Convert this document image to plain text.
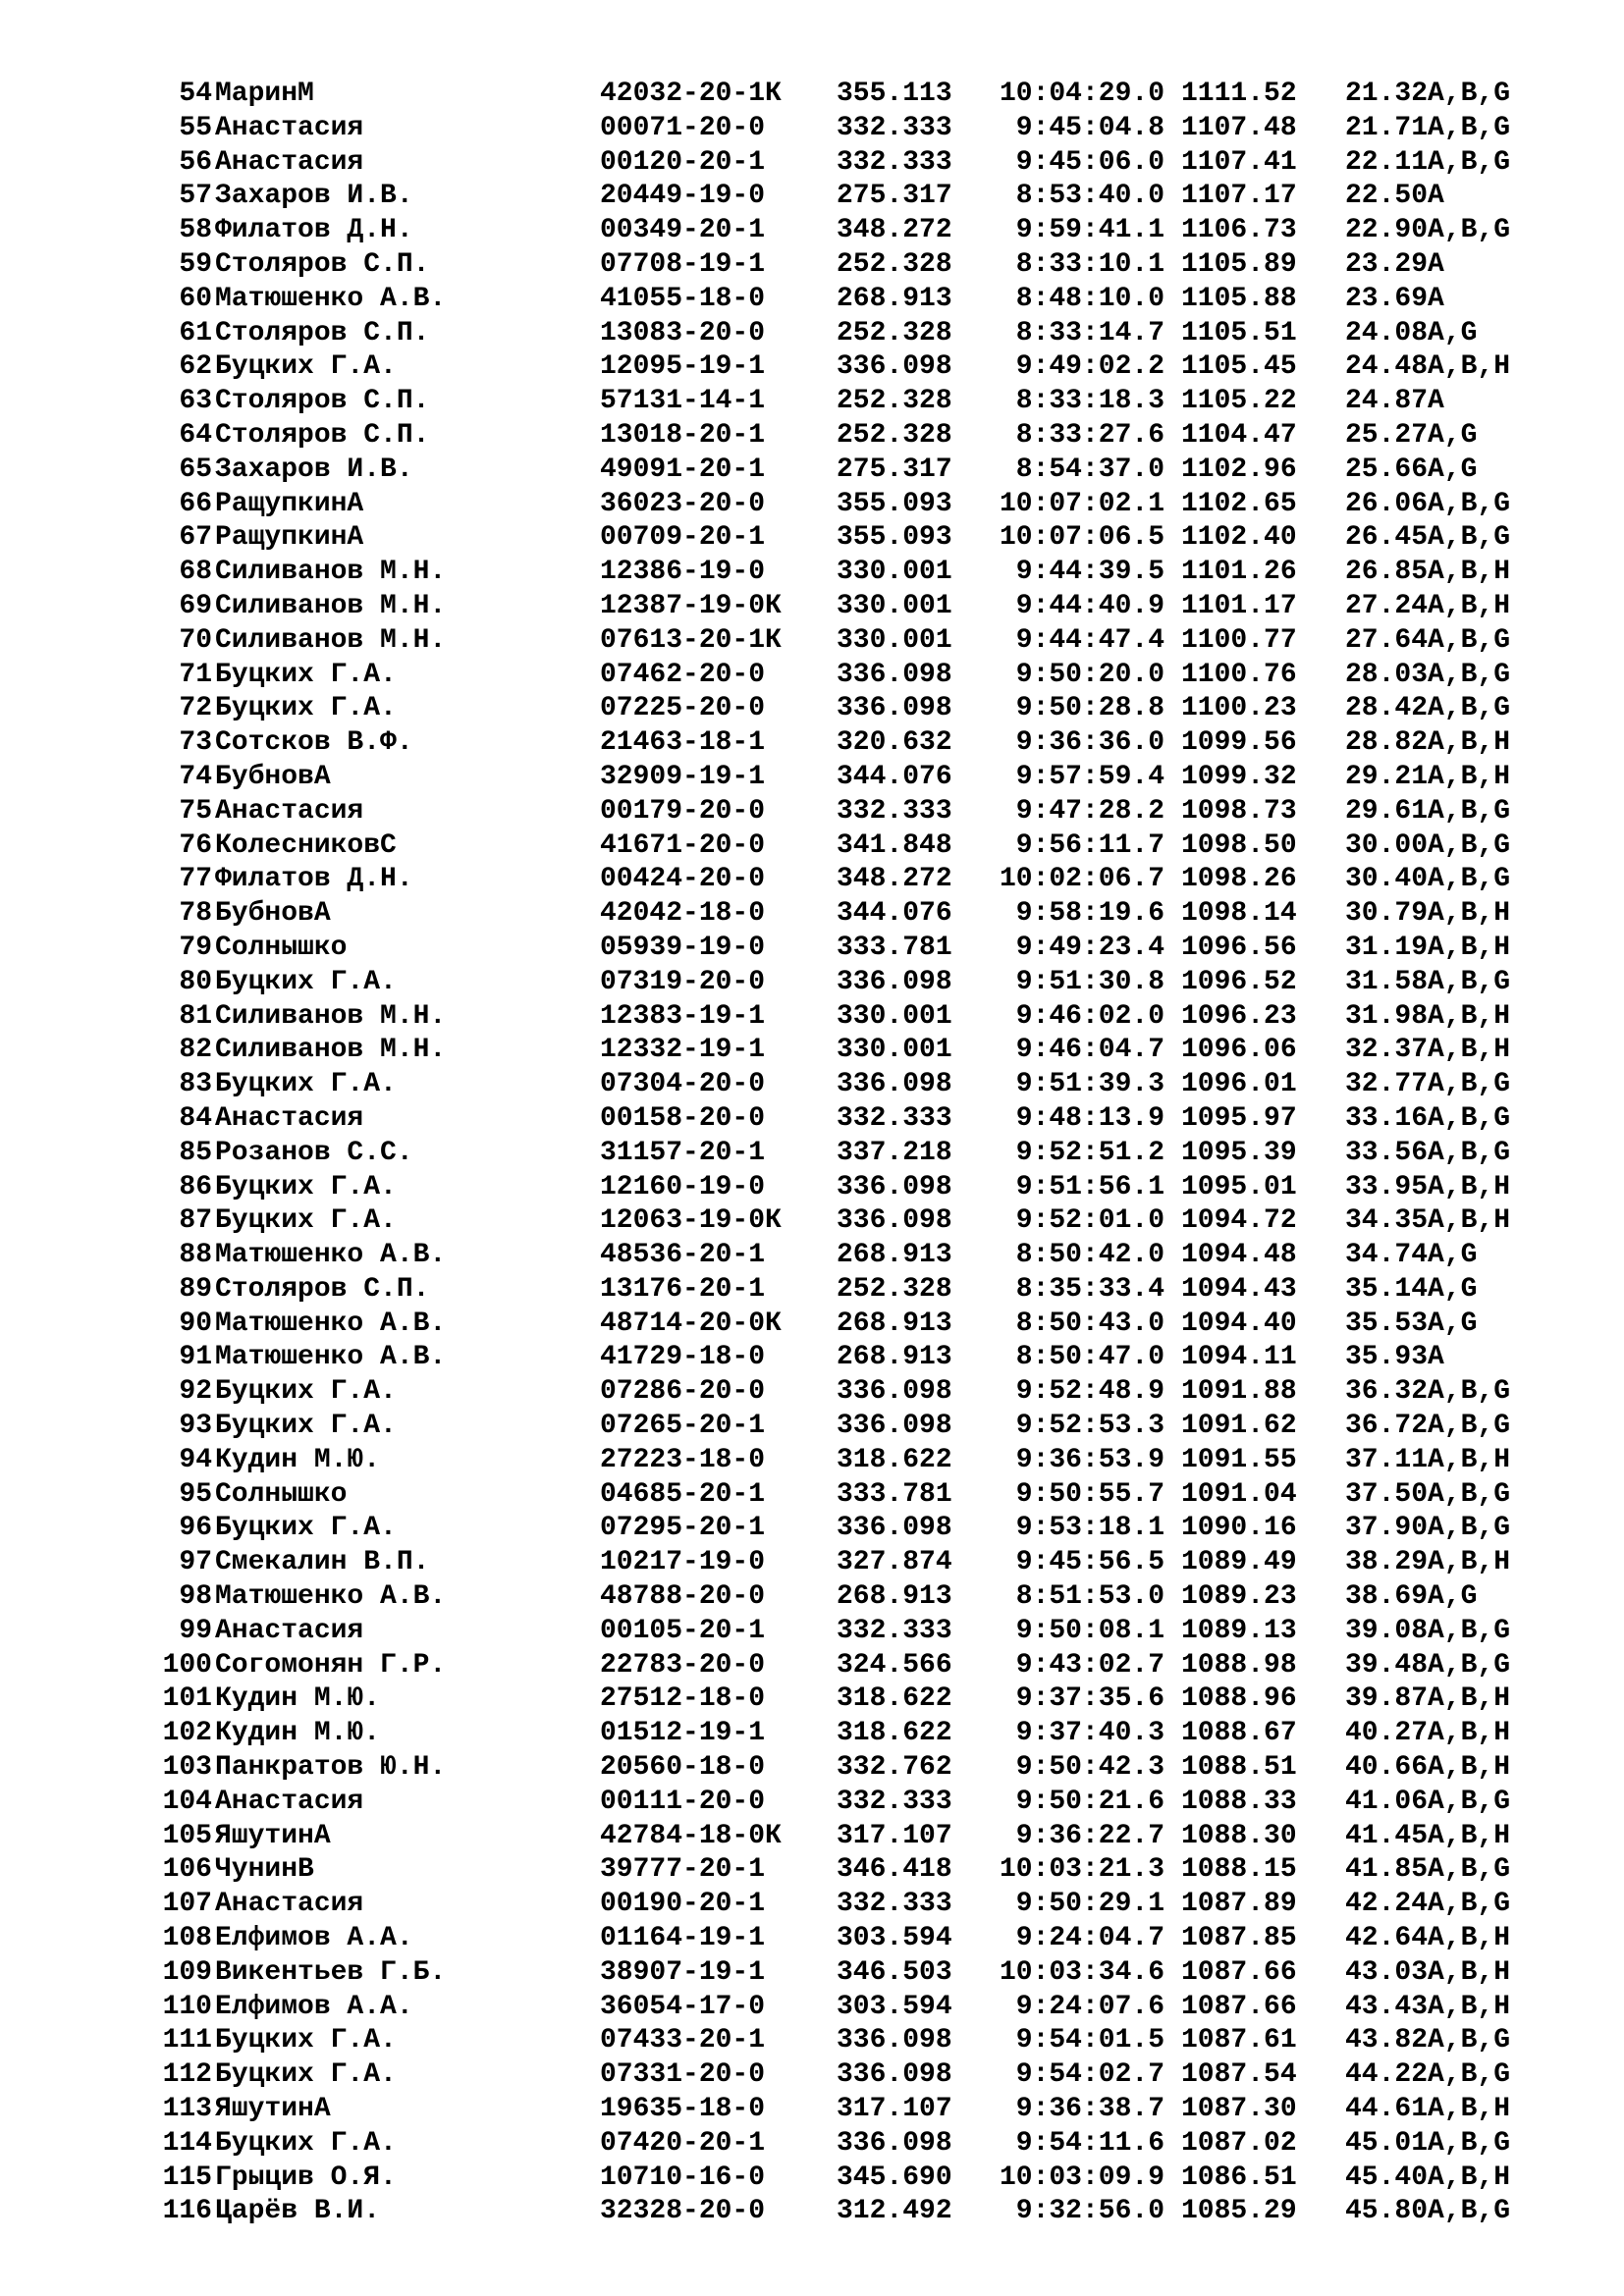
54 МаринМ	42032-20-1К 355.113	10:04:29.0 1111.52 21.32 A,B,G
55 Анастасия	00071-20-0	332.333	9:45:04.8 1107.48 21.71 A,B,G
56 Анастасия	00120-20-1	332.333	9:45:06.0 1107.41 22.11 A,B,G
57 Захаров И.В.	20449-19-0	275.317	8:53:40.0 1107.17 22.50 A
58 Филатов Д.Н.	00349-20-1	348.272	9:59:41.1 1106.73 22.90 A,B,G
59 Столяров С.П.	07708-19-1	252.328	8:33:10.1 1105.89 23.29 A
60 Матюшенко А.В.	41055-18-0	268.913	8:48:10.0 1105.88 23.69 A
61 Столяров С.П.	13083-20-0	252.328	8:33:14.7 1105.51 24.08 A,G
62 Буцких Г.А.	12095-19-1	336.098	9:49:02.2 1105.45 24.48 A,B,H
63 Столяров С.П.	57131-14-1	252.328	8:33:18.3 1105.22 24.87 A
64 Столяров С.П.	13018-20-1	252.328	8:33:27.6 1104.47 25.27 A,G
65 Захаров И.В.	49091-20-1	275.317	8:54:37.0 1102.96 25.66 A,G
66 РащупкинА	36023-20-0	355.093	10:07:02.1 1102.65 26.06 A,B,G
67 РащупкинА	00709-20-1	355.093	10:07:06.5 1102.40 26.45 A,B,G
68 Силиванов М.Н.	12386-19-0	330.001	9:44:39.5 1101.26 26.85 A,B,H
69 Силиванов М.Н.	12387-19-0К 330.001	9:44:40.9 1101.17 27.24 A,B,H
70 Силиванов М.Н.	07613-20-1К 330.001	9:44:47.4 1100.77 27.64 A,B,G
71 Буцких Г.А.	07462-20-0	336.098	9:50:20.0 1100.76 28.03 A,B,G
72 Буцких Г.А.	07225-20-0	336.098	9:50:28.8 1100.23 28.42 A,B,G
73 Сотсков В.Ф.	21463-18-1	320.632	9:36:36.0 1099.56 28.82 A,B,H
74 БубновА	32909-19-1	344.076	9:57:59.4 1099.32 29.21 A,B,H
75 Анастасия	00179-20-0	332.333	9:47:28.2 1098.73 29.61 A,B,G
76 КолесниковС	41671-20-0	341.848	9:56:11.7 1098.50 30.00 A,B,G
77 Филатов Д.Н.	00424-20-0	348.272	10:02:06.7 1098.26 30.40 A,B,G
78 БубновА	42042-18-0	344.076	9:58:19.6 1098.14 30.79 A,B,H
79 Солнышко	05939-19-0	333.781	9:49:23.4 1096.56 31.19 A,B,H
80 Буцких Г.А.	07319-20-0	336.098	9:51:30.8 1096.52 31.58 A,B,G
81 Силиванов М.Н.	12383-19-1	330.001	9:46:02.0 1096.23 31.98 A,B,H
82 Силиванов М.Н.	12332-19-1	330.001	9:46:04.7 1096.06 32.37 A,B,H
83 Буцких Г.А.	07304-20-0	336.098	9:51:39.3 1096.01 32.77 A,B,G
84 Анастасия	00158-20-0	332.333	9:48:13.9 1095.97 33.16 A,B,G
85 Розанов С.С.	31157-20-1	337.218	9:52:51.2 1095.39 33.56 A,B,G
86 Буцких Г.А.	12160-19-0	336.098	9:51:56.1 1095.01 33.95 A,B,H
87 Буцких Г.А.	12063-19-0К 336.098	9:52:01.0 1094.72 34.35 A,B,H
88 Матюшенко А.В.	48536-20-1	268.913	8:50:42.0 1094.48 34.74 A,G
89 Столяров С.П.	13176-20-1	252.328	8:35:33.4 1094.43 35.14 A,G
90 Матюшенко А.В.	48714-20-0К 268.913	8:50:43.0 1094.40 35.53 A,G
91 Матюшенко А.В.	41729-18-0	268.913	8:50:47.0 1094.11 35.93 A
92 Буцких Г.А.	07286-20-0	336.098	9:52:48.9 1091.88 36.32 A,B,G
93 Буцких Г.А.	07265-20-1	336.098	9:52:53.3 1091.62 36.72 A,B,G
94 Кудин М.Ю.	27223-18-0	318.622	9:36:53.9 1091.55 37.11 A,B,H
95 Солнышко	04685-20-1	333.781	9:50:55.7 1091.04 37.50 A,B,G
96 Буцких Г.А.	07295-20-1	336.098	9:53:18.1 1090.16 37.90 A,B,G
97 Смекалин В.П.	10217-19-0	327.874	9:45:56.5 1089.49 38.29 A,B,H
98 Матюшенко А.В.	48788-20-0	268.913	8:51:53.0 1089.23 38.69 A,G
99 Анастасия	00105-20-1	332.333	9:50:08.1 1089.13 39.08 A,B,G
100 Согомонян Г.Р.	22783-20-0	324.566	9:43:02.7 1088.98 39.48 A,B,G
101 Кудин М.Ю.	27512-18-0	318.622	9:37:35.6 1088.96 39.87 A,B,H
102 Кудин М.Ю.	01512-19-1	318.622	9:37:40.3 1088.67 40.27 A,B,H
103 Панкратов Ю.Н.	20560-18-0	332.762	9:50:42.3 1088.51 40.66 A,B,H
104 Анастасия	00111-20-0	332.333	9:50:21.6 1088.33 41.06 A,B,G
105 ЯшутинА	42784-18-0К 317.107	9:36:22.7 1088.30 41.45 A,B,H
106 ЧунинВ	39777-20-1	346.418	10:03:21.3 1088.15 41.85 A,B,G
107 Анастасия	00190-20-1	332.333	9:50:29.1 1087.89 42.24 A,B,G
108 Елфимов А.А.	01164-19-1	303.594	9:24:04.7 1087.85 42.64 A,B,H
109 Викентьев Г.Б.	38907-19-1	346.503	10:03:34.6 1087.66 43.03 A,B,H
110 Елфимов А.А.	36054-17-0	303.594	9:24:07.6 1087.66 43.43 A,B,H
111 Буцких Г.А.	07433-20-1	336.098	9:54:01.5 1087.61 43.82 A,B,G
112 Буцких Г.А.	07331-20-0	336.098	9:54:02.7 1087.54 44.22 A,B,G
113 ЯшутинА	19635-18-0	317.107	9:36:38.7 1087.30 44.61 A,B,H
114 Буцких Г.А.	07420-20-1	336.098	9:54:11.6 1087.02 45.01 A,B,G
115 Грыцив О.Я.	10710-16-0	345.690	10:03:09.9 1086.51 45.40 A,B,H
116 Царёв В.И.	32328-20-0	312.492	9:32:56.0 1085.29 45.80 A,B,G
